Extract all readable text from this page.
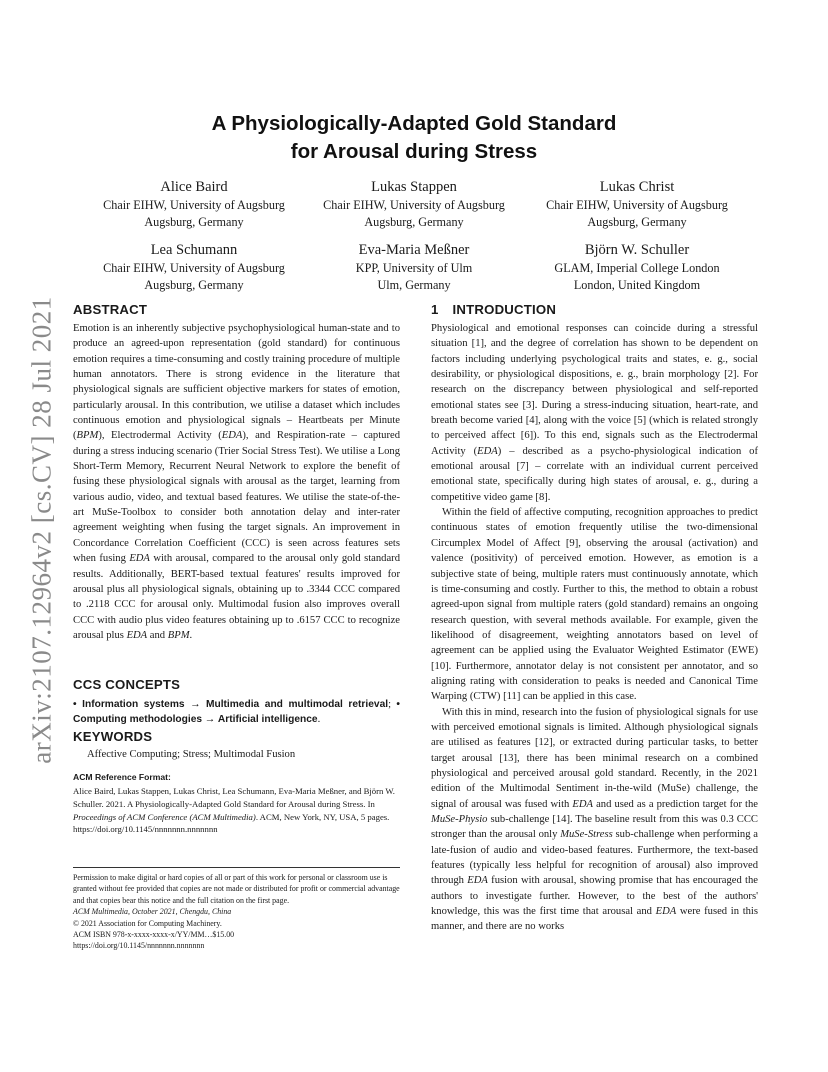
arXiv:2107.12964v2 [cs.CV] 28 Jul 2021
A Physiologically-Adapted Gold Standard
for Arousal during Stress
Alice Baird
Chair EIHW, University of Augsburg
Augsburg, Germany
Lukas Stappen
Chair EIHW, University of Augsburg
Augsburg, Germany
Lukas Christ
Chair EIHW, University of Augsburg
Augsburg, Germany
Lea Schumann
Chair EIHW, University of Augsburg
Augsburg, Germany
Eva-Maria Meßner
KPP, University of Ulm
Ulm, Germany
Björn W. Schuller
GLAM, Imperial College London
London, United Kingdom
ABSTRACT

Emotion is an inherently subjective psychophysiological human-state and to produce an agreed-upon representation (gold standard) for continuous emotion requires a time-consuming and costly training procedure of multiple human annotators. There is strong evidence in the literature that physiological signals are sufficient objective markers for states of emotion, particularly arousal. In this contribution, we utilise a dataset which includes continuous emotion and physiological signals – Heartbeats per Minute (BPM), Electrodermal Activity (EDA), and Respiration-rate – captured during a stress inducing scenario (Trier Social Stress Test). We utilise a Long Short-Term Memory, Recurrent Neural Network to explore the benefit of fusing these physiological signals with arousal as the target, learning from various audio, video, and textual based features. We utilise the state-of-the-art MuSe-Toolbox to consider both annotation delay and inter-rater agreement weighting when fusing the target signals. An improvement in Concordance Correlation Coefficient (CCC) is seen across features sets when fusing EDA with arousal, compared to the arousal only gold standard results. Additionally, BERT-based textual features' results improved for arousal plus all physiological signals, obtaining up to .3344 CCC compared to .2118 CCC for arousal only. Multimodal fusion also improves overall CCC with audio plus video features obtaining up to .6157 CCC to recognize arousal plus EDA and BPM.

CCS CONCEPTS
• Information systems → Multimedia and multimodal retrieval; • Computing methodologies → Artificial intelligence.
KEYWORDS
Affective Computing; Stress; Multimodal Fusion
ACM Reference Format:
Alice Baird, Lukas Stappen, Lukas Christ, Lea Schumann, Eva-Maria Meßner, and Björn W. Schuller. 2021. A Physiologically-Adapted Gold Standard for Arousal during Stress. In Proceedings of ACM Conference (ACM Multimedia). ACM, New York, NY, USA, 5 pages. https://doi.org/10.1145/nnnnnnn.nnnnnnn
Permission to make digital or hard copies of all or part of this work for personal or classroom use is granted without fee provided that copies are not made or distributed for profit or commercial advantage and that copies bear this notice and the full citation on the first page.
ACM Multimedia, October 2021, Chengdu, China
© 2021 Association for Computing Machinery.
ACM ISBN 978-x-xxxx-xxxx-x/YY/MM…$15.00
https://doi.org/10.1145/nnnnnnn.nnnnnnn
1 INTRODUCTION

Physiological and emotional responses can coincide during a stressful situation [1], and the degree of correlation has shown to be dependent on factors including underlying psychological traits and states, e. g., social desirability, or physiological dispositions, e. g., brain morphology [2]. For research on the discrepancy between physiological and self-reported emotional states see [3]. During a stress-inducing situation, heart-rate, and breath become varied [4], along with the voice [5] (which is related strongly to perceived affect [6]). To this end, signals such as the Electrodermal Activity (EDA) – described as a psycho-physiological indication of emotional arousal [7] – correlate with an individual current perceived emotional state, specifically during high states of arousal, e. g., during a competitive video game [8].

Within the field of affective computing, recognition approaches to predict continuous states of emotion frequently utilise the two-dimensional Circumplex Model of Affect [9], observing the arousal (activation) and valence (positivity) of perceived emotion. However, as emotion is a subjective state of being, multiple raters must continuously annotate, which is time-consuming and costly. Further to this, the method to obtain a robust agreed-upon signal from multiple raters (gold standard) remains an ongoing research question, with several methods available. For example, given the likelihood of disagreement, weighting annotators based on level of agreement can be applied using the Evaluator Weighted Estimator (EWE) [10]. Furthermore, annotator delay is not consistent per annotator, and so aligning rating with consideration to peaks is needed and Canonical Time Warping (CTW) [11] can be applied in this case.

With this in mind, research into the fusion of physiological signals for use with perceived emotional signals is limited. Although physiological signals are utilised as features [12], or extracted during particular tasks, to better target arousal [13], there has been minimal research on a combined physiological and perceived arousal gold standard. Recently, in the 2021 edition of the Multimodal Sentiment in-the-wild (MuSe) challenge, the signal of arousal was fused with EDA and used as a prediction target for the MuSe-Physio sub-challenge [14]. The baseline result from this was 0.3 CCC stronger than the arousal only MuSe-Stress sub-challenge when performing a late-fusion of audio and video-based features. Furthermore, the text-based features (typically less helpful for recognition of arousal) also improved through EDA fusion with arousal, showing promise that has encouraged the authors to investigate further. However, to the best of the authors' knowledge, this was the first time that arousal and EDA were fused in this manner, and there are no works
